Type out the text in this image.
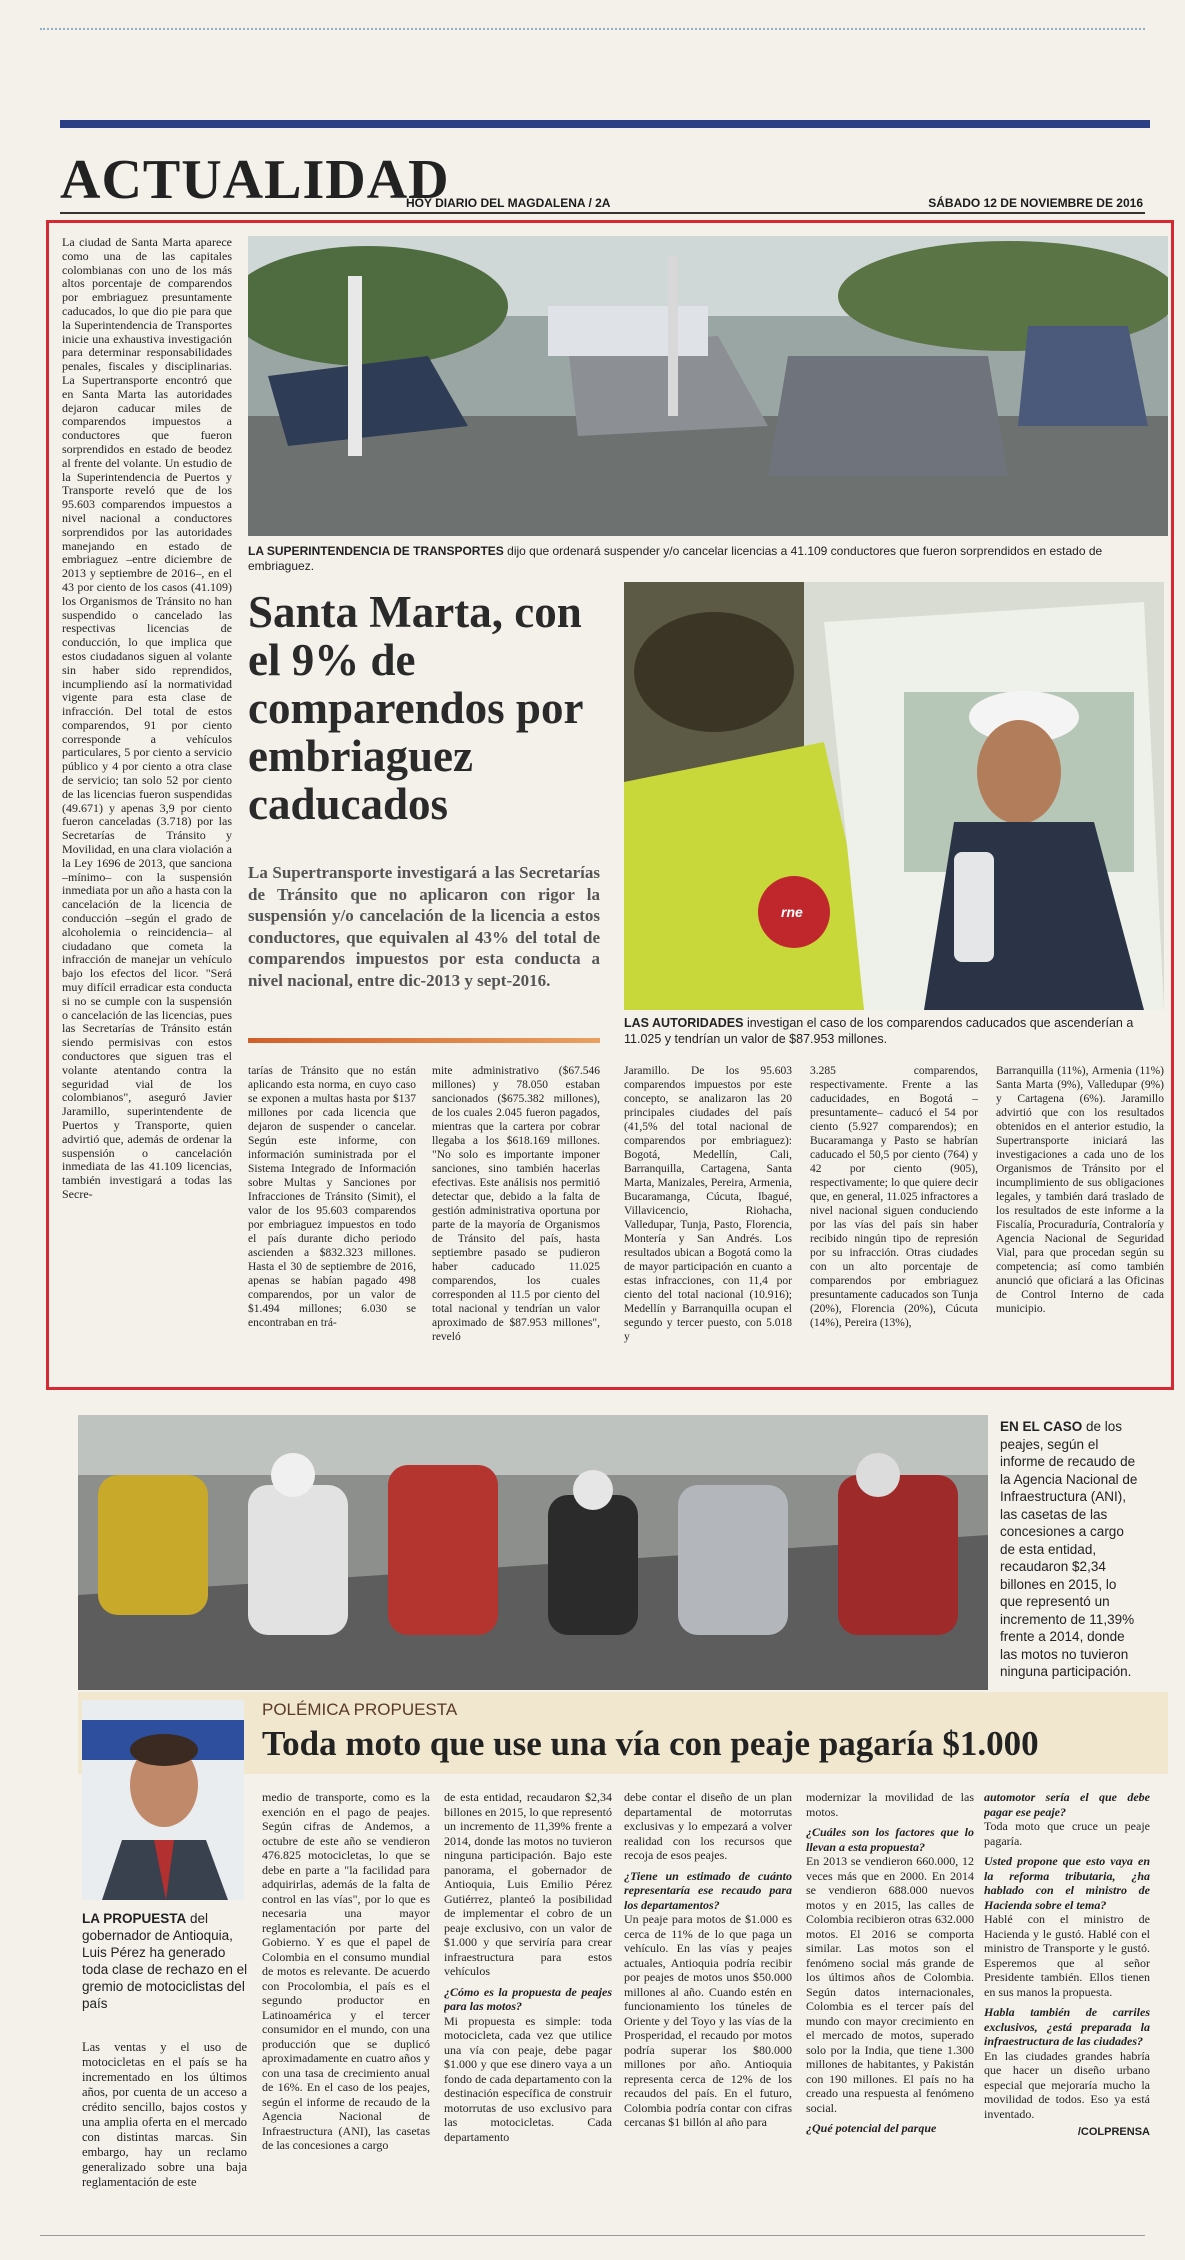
ACTUALIDAD
HOY DIARIO DEL MAGDALENA / 2A	SÁBADO 12 DE NOVIEMBRE DE 2016
La ciudad de Santa Marta aparece como una de las capitales colombianas con uno de los más altos porcentaje de comparendos por embriaguez presuntamente caducados, lo que dio pie para que la Superintendencia de Transportes inicie una exhaustiva investigación para determinar responsabilidades penales, fiscales y disciplinarias. La Supertransporte encontró que en Santa Marta las autoridades dejaron caducar miles de comparendos impuestos a conductores que fueron sorprendidos en estado de beodez al frente del volante. Un estudio de la Superintendencia de Puertos y Transporte reveló que de los 95.603 comparendos impuestos a nivel nacional a conductores sorprendidos por las autoridades manejando en estado de embriaguez –entre diciembre de 2013 y septiembre de 2016–, en el 43 por ciento de los casos (41.109) los Organismos de Tránsito no han suspendido o cancelado las respectivas licencias de conducción, lo que implica que estos ciudadanos siguen al volante sin haber sido reprendidos, incumpliendo así la normatividad vigente para esta clase de infracción. Del total de estos comparendos, 91 por ciento corresponde a vehículos particulares, 5 por ciento a servicio público y 4 por ciento a otra clase de servicio; tan solo 52 por ciento de las licencias fueron suspendidas (49.671) y apenas 3,9 por ciento fueron canceladas (3.718) por las Secretarías de Tránsito y Movilidad, en una clara violación a la Ley 1696 de 2013, que sanciona –mínimo– con la suspensión inmediata por un año a hasta con la cancelación de la licencia de conducción –según el grado de alcoholemia o reincidencia– al ciudadano que cometa la infracción de manejar un vehículo bajo los efectos del licor. "Será muy difícil erradicar esta conducta si no se cumple con la suspensión o cancelación de las licencias, pues las Secretarías de Tránsito están siendo permisivas con estos conductores que siguen tras el volante atentando contra la seguridad vial de los colombianos", aseguró Javier Jaramillo, superintendente de Puertos y Transporte, quien advirtió que, además de ordenar la suspensión o cancelación inmediata de las 41.109 licencias, también investigará a todas las Secre-
LA SUPERINTENDENCIA DE TRANSPORTES dijo que ordenará suspender y/o cancelar licencias a 41.109 conductores que fueron sorprendidos en estado de embriaguez.
Santa Marta, con el 9% de comparendos por embriaguez caducados
La Supertransporte investigará a las Secretarías de Tránsito que no aplicaron con rigor la suspensión y/o cancelación de la licencia a estos conductores, que equivalen al 43% del total de comparendos impuestos por esta conducta a nivel nacional, entre dic-2013 y sept-2016.
rne
LAS AUTORIDADES investigan el caso de los comparendos caducados que ascenderían a 11.025 y tendrían un valor de $87.953 millones.
tarías de Tránsito que no están aplicando esta norma, en cuyo caso se exponen a multas hasta por $137 millones por cada licencia que dejaron de suspender o cancelar. Según este informe, con información suministrada por el Sistema Integrado de Información sobre Multas y Sanciones por Infracciones de Tránsito (Simit), el valor de los 95.603 comparendos por embriaguez impuestos en todo el país durante dicho periodo ascienden a $832.323 millones. Hasta el 30 de septiembre de 2016, apenas se habían pagado 498 comparendos, por un valor de $1.494 millones; 6.030 se encontraban en trá-
mite administrativo ($67.546 millones) y 78.050 estaban sancionados ($675.382 millones), de los cuales 2.045 fueron pagados, mientras que la cartera por cobrar llegaba a los $618.169 millones. "No solo es importante imponer sanciones, sino también hacerlas efectivas. Este análisis nos permitió detectar que, debido a la falta de gestión administrativa oportuna por parte de la mayoría de Organismos de Tránsito del país, hasta septiembre pasado se pudieron haber caducado 11.025 comparendos, los cuales corresponden al 11.5 por ciento del total nacional y tendrían un valor aproximado de $87.953 millones", reveló
Jaramillo. De los 95.603 comparendos impuestos por este concepto, se analizaron las 20 principales ciudades del país (41,5% del total nacional de comparendos por embriaguez): Bogotá, Medellín, Cali, Barranquilla, Cartagena, Santa Marta, Manizales, Pereira, Armenia, Bucaramanga, Cúcuta, Ibagué, Villavicencio, Riohacha, Valledupar, Tunja, Pasto, Florencia, Montería y San Andrés. Los resultados ubican a Bogotá como la de mayor participación en cuanto a estas infracciones, con 11,4 por ciento del total nacional (10.916); Medellín y Barranquilla ocupan el segundo y tercer puesto, con 5.018 y
3.285 comparendos, respectivamente. Frente a las caducidades, en Bogotá –presuntamente– caducó el 54 por ciento (5.927 comparendos); en Bucaramanga y Pasto se habrían caducado el 50,5 por ciento (764) y 42 por ciento (905), respectivamente; lo que quiere decir que, en general, 11.025 infractores a nivel nacional siguen conduciendo por las vías del país sin haber recibido ningún tipo de represión por su infracción. Otras ciudades con un alto porcentaje de comparendos por embriaguez presuntamente caducados son Tunja (20%), Florencia (20%), Cúcuta (14%), Pereira (13%),
Barranquilla (11%), Armenia (11%) Santa Marta (9%), Valledupar (9%) y Cartagena (6%). Jaramillo advirtió que con los resultados obtenidos en el anterior estudio, la Supertransporte iniciará las investigaciones a cada uno de los Organismos de Tránsito por el incumplimiento de sus obligaciones legales, y también dará traslado de los resultados de este informe a la Fiscalía, Procuraduría, Contraloría y Agencia Nacional de Seguridad Vial, para que procedan según su competencia; así como también anunció que oficiará a las Oficinas de Control Interno de cada municipio.
EN EL CASO de los peajes, según el informe de recaudo de la Agencia Nacional de Infraestructura (ANI), las casetas de las concesiones a cargo de esta entidad, recaudaron $2,34 billones en 2015, lo que representó un incremento de 11,39% frente a 2014, donde las motos no tuvieron ninguna participación.
POLÉMICA PROPUESTA
Toda moto que use una vía con peaje pagaría $1.000
LA PROPUESTA del gobernador de Antioquia, Luis Pérez ha generado toda clase de rechazo en el gremio de motociclistas del país
Las ventas y el uso de motocicletas en el país se ha incrementado en los últimos años, por cuenta de un acceso a crédito sencillo, bajos costos y una amplia oferta en el mercado con distintas marcas. Sin embargo, hay un reclamo generalizado sobre una baja reglamentación de este
medio de transporte, como es la exención en el pago de peajes. Según cifras de Andemos, a octubre de este año se vendieron 476.825 motocicletas, lo que se debe en parte a "la facilidad para adquirirlas, además de la falta de control en las vías", por lo que es necesaria una mayor reglamentación por parte del Gobierno. Y es que el papel de Colombia en el consumo mundial de motos es relevante. De acuerdo con Procolombia, el país es el segundo productor en Latinoamérica y el tercer consumidor en el mundo, con una producción que se duplicó aproximadamente en cuatro años y con una tasa de crecimiento anual de 16%. En el caso de los peajes, según el informe de recaudo de la Agencia Nacional de Infraestructura (ANI), las casetas de las concesiones a cargo
de esta entidad, recaudaron $2,34 billones en 2015, lo que representó un incremento de 11,39% frente a 2014, donde las motos no tuvieron ninguna participación. Bajo este panorama, el gobernador de Antioquia, Luis Emilio Pérez Gutiérrez, planteó la posibilidad de implementar el cobro de un peaje exclusivo, con un valor de $1.000 y que serviría para crear infraestructura para estos vehículos
¿Cómo es la propuesta de peajes para las motos?
Mi propuesta es simple: toda motocicleta, cada vez que utilice una vía con peaje, debe pagar $1.000 y que ese dinero vaya a un fondo de cada departamento con la destinación específica de construir motorrutas de uso exclusivo para las motocicletas. Cada departamento
debe contar el diseño de un plan departamental de motorrutas exclusivas y lo empezará a volver realidad con los recursos que recoja de esos peajes.
¿Tiene un estimado de cuánto representaría ese recaudo para los departamentos?
Un peaje para motos de $1.000 es cerca de 11% de lo que paga un vehículo. En las vías y peajes actuales, Antioquia podría recibir por peajes de motos unos $50.000 millones al año. Cuando estén en funcionamiento los túneles de Oriente y del Toyo y las vías de la Prosperidad, el recaudo por motos podría superar los $80.000 millones por año. Antioquia representa cerca de 12% de los recaudos del país. En el futuro, Colombia podría contar con cifras cercanas $1 billón al año para
modernizar la movilidad de las motos.
¿Cuáles son los factores que lo llevan a esta propuesta?
En 2013 se vendieron 660.000, 12 veces más que en 2000. En 2014 se vendieron 688.000 nuevos motos y en 2015, las calles de Colombia recibieron otras 632.000 motos. El 2016 se comporta similar. Las motos son el fenómeno social más grande de los últimos años de Colombia. Según datos internacionales, Colombia es el tercer país del mundo con mayor crecimiento en el mercado de motos, superado solo por la India, que tiene 1.300 millones de habitantes, y Pakistán con 190 millones. El país no ha creado una respuesta al fenómeno social.
¿Qué potencial del parque
automotor sería el que debe pagar ese peaje?
Toda moto que cruce un peaje pagaría.
Usted propone que esto vaya en la reforma tributaria, ¿ha hablado con el ministro de Hacienda sobre el tema?
Hablé con el ministro de Hacienda y le gustó. Hablé con el ministro de Transporte y le gustó. Esperemos que al señor Presidente también. Ellos tienen en sus manos la propuesta.
Habla también de carriles exclusivos, ¿está preparada la infraestructura de las ciudades?
En las ciudades grandes habría que hacer un diseño urbano especial que mejoraría mucho la movilidad de todos. Eso ya está inventado.
/COLPRENSA
